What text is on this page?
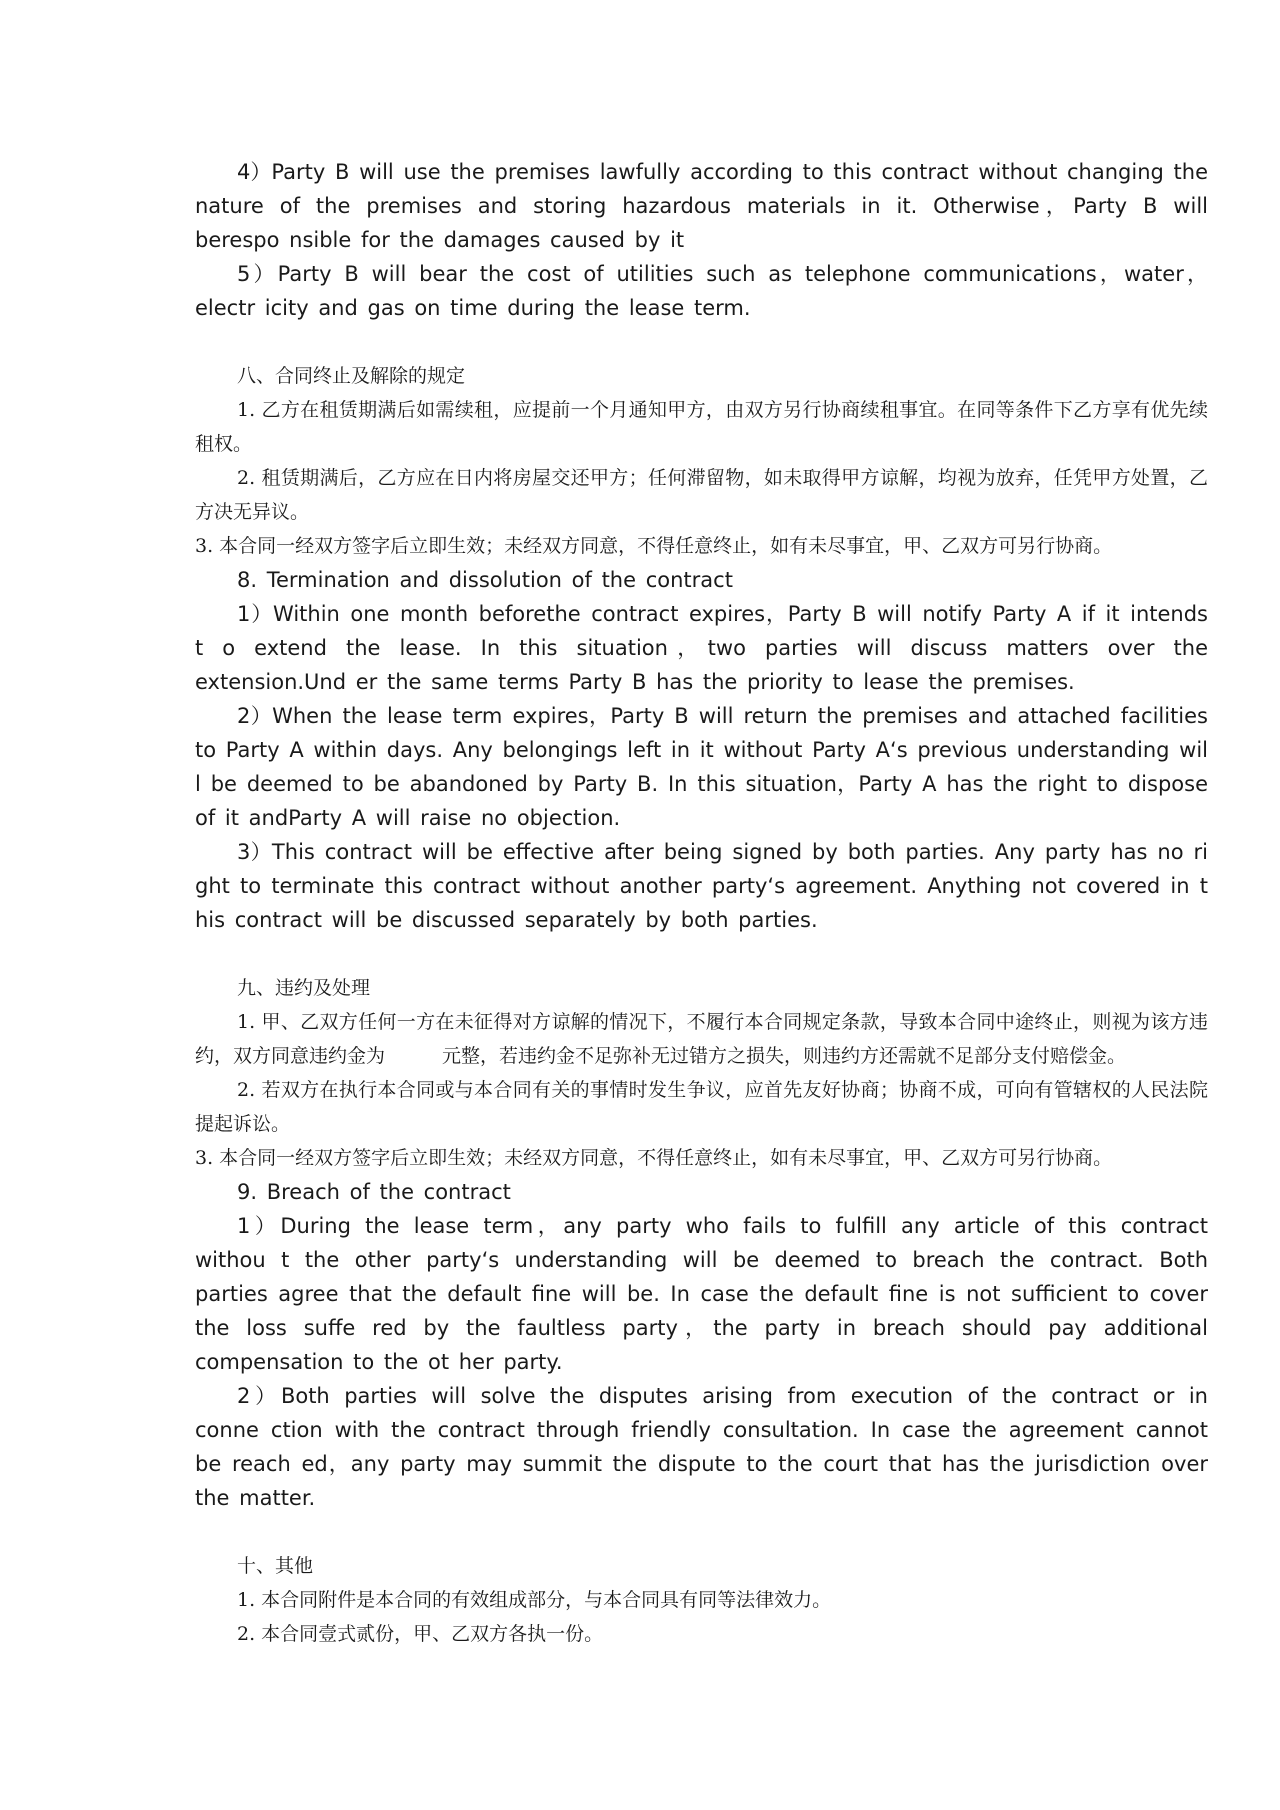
4）Party B will use the premises lawfully according to this contract without changing the nature of the premises and storing hazardous materials in it. Otherwise，Party B will berespo nsible for the damages caused by it

5）Party B will bear the cost of utilities such as telephone communications，water，electr icity and gas on time during the lease term.

八、合同终止及解除的规定

1. 乙方在租赁期满后如需续租，应提前一个月通知甲方，由双方另行协商续租事宜。在同等条件下乙方享有优先续租权。

2. 租赁期满后，乙方应在日内将房屋交还甲方；任何滞留物，如未取得甲方谅解，均视为放弃，任凭甲方处置，乙方决无异议。

3. 本合同一经双方签字后立即生效；未经双方同意，不得任意终止，如有未尽事宜，甲、乙双方可另行协商。

8. Termination and dissolution of the contract

1）Within one month beforethe contract expires，Party B will notify Party A if it intends t o extend the lease. In this situation，two parties will discuss matters over the extension.Und er the same terms Party B has the priority to lease the premises.

2）When the lease term expires，Party B will return the premises and attached facilities to Party A within days. Any belongings left in it without Party A‘s previous understanding wil l be deemed to be abandoned by Party B. In this situation，Party A has the right to dispose of it andParty A will raise no objection.

3）This contract will be effective after being signed by both parties. Any party has no ri ght to terminate this contract without another party‘s agreement. Anything not covered in t his contract will be discussed separately by both parties.

九、违约及处理

1. 甲、乙双方任何一方在未征得对方谅解的情况下，不履行本合同规定条款，导致本合同中途终止，则视为该方违约，双方同意违约金为　　　元整，若违约金不足弥补无过错方之损失，则违约方还需就不足部分支付赔偿金。

2. 若双方在执行本合同或与本合同有关的事情时发生争议，应首先友好协商；协商不成，可向有管辖权的人民法院提起诉讼。

3. 本合同一经双方签字后立即生效；未经双方同意，不得任意终止，如有未尽事宜，甲、乙双方可另行协商。

9. Breach of the contract

1）During the lease term，any party who fails to fulfill any article of this contract withou t the other party‘s understanding will be deemed to breach the contract. Both parties agree that the default fine will be. In case the default fine is not sufficient to cover the loss suffe red by the faultless party，the party in breach should pay additional compensation to the ot her party.

2）Both parties will solve the disputes arising from execution of the contract or in conne ction with the contract through friendly consultation. In case the agreement cannot be reach ed，any party may summit the dispute to the court that has the jurisdiction over the matter.

十、其他

1. 本合同附件是本合同的有效组成部分，与本合同具有同等法律效力。

2. 本合同壹式贰份，甲、乙双方各执一份。
